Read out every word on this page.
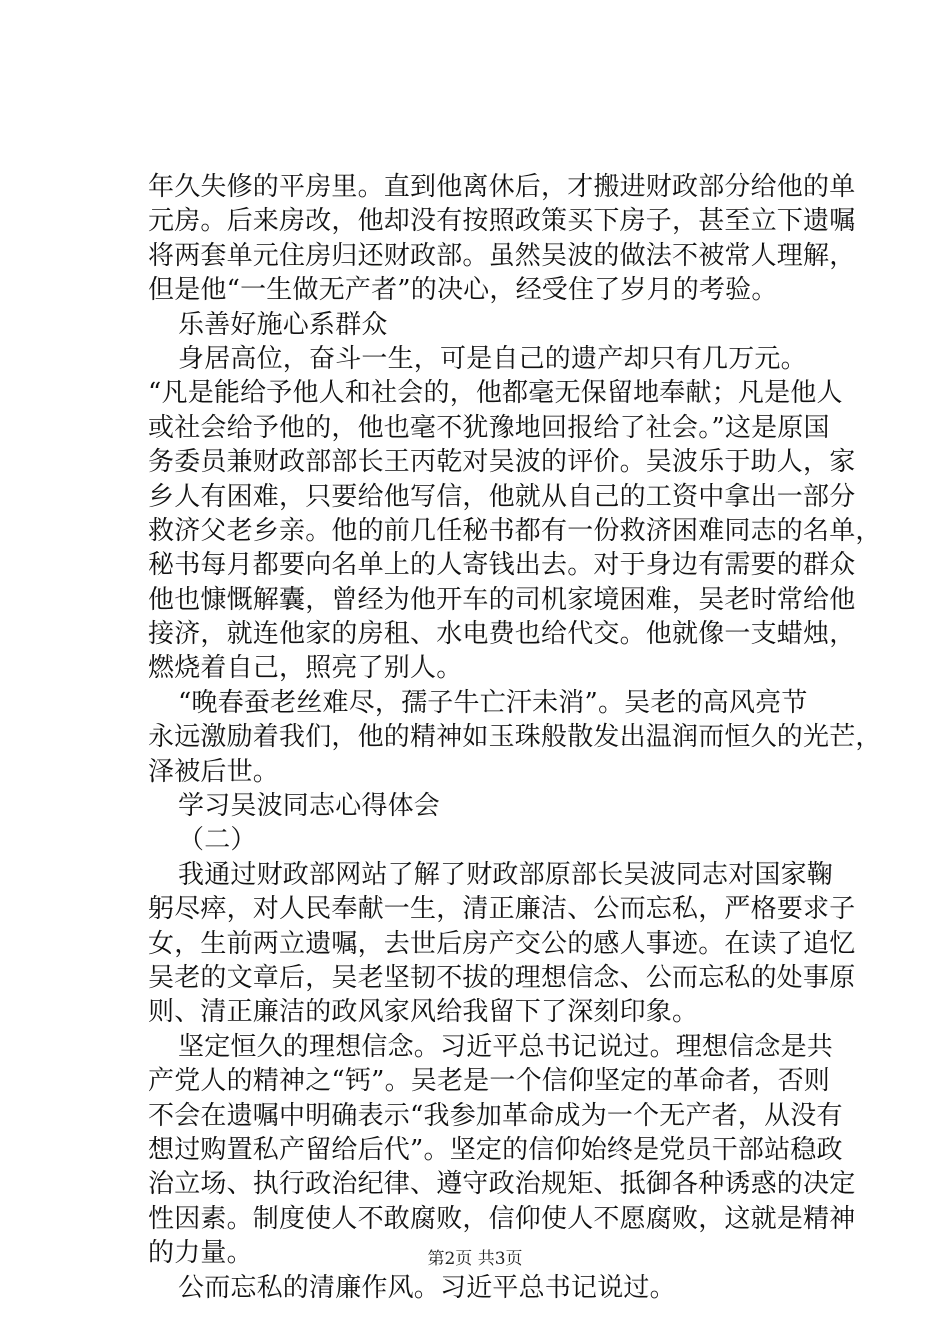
年久失修的平房里。直到他离休后，才搬进财政部分给他的单
元房。后来房改，他却没有按照政策买下房子，甚至立下遗嘱
将两套单元住房归还财政部。虽然吴波的做法不被常人理解，
但是他“一生做无产者”的决心，经受住了岁月的考验。
乐善好施心系群众
身居高位，奋斗一生，可是自己的遗产却只有几万元。
“凡是能给予他人和社会的，他都毫无保留地奉献；凡是他人
或社会给予他的，他也毫不犹豫地回报给了社会。”这是原国
务委员兼财政部部长王丙乾对吴波的评价。吴波乐于助人，家
乡人有困难，只要给他写信，他就从自己的工资中拿出一部分
救济父老乡亲。他的前几任秘书都有一份救济困难同志的名单，
秘书每月都要向名单上的人寄钱出去。对于身边有需要的群众
他也慷慨解囊，曾经为他开车的司机家境困难，吴老时常给他
接济，就连他家的房租、水电费也给代交。他就像一支蜡烛，
燃烧着自己，照亮了别人。
“晚春蚕老丝难尽，孺子牛亡汗未消”。吴老的高风亮节
永远激励着我们，他的精神如玉珠般散发出温润而恒久的光芒，
泽被后世。
学习吴波同志心得体会
（二）
我通过财政部网站了解了财政部原部长吴波同志对国家鞠
躬尽瘁，对人民奉献一生，清正廉洁、公而忘私，严格要求子
女，生前两立遗嘱，去世后房产交公的感人事迹。在读了追忆
吴老的文章后，吴老坚韧不拔的理想信念、公而忘私的处事原
则、清正廉洁的政风家风给我留下了深刻印象。
坚定恒久的理想信念。习近平总书记说过。理想信念是共
产党人的精神之“钙”。吴老是一个信仰坚定的革命者，否则
不会在遗嘱中明确表示“我参加革命成为一个无产者，从没有
想过购置私产留给后代”。坚定的信仰始终是党员干部站稳政
治立场、执行政治纪律、遵守政治规矩、抵御各种诱惑的决定
性因素。制度使人不敢腐败，信仰使人不愿腐败，这就是精神
的力量。
公而忘私的清廉作风。习近平总书记说过。
第2页 共3页
